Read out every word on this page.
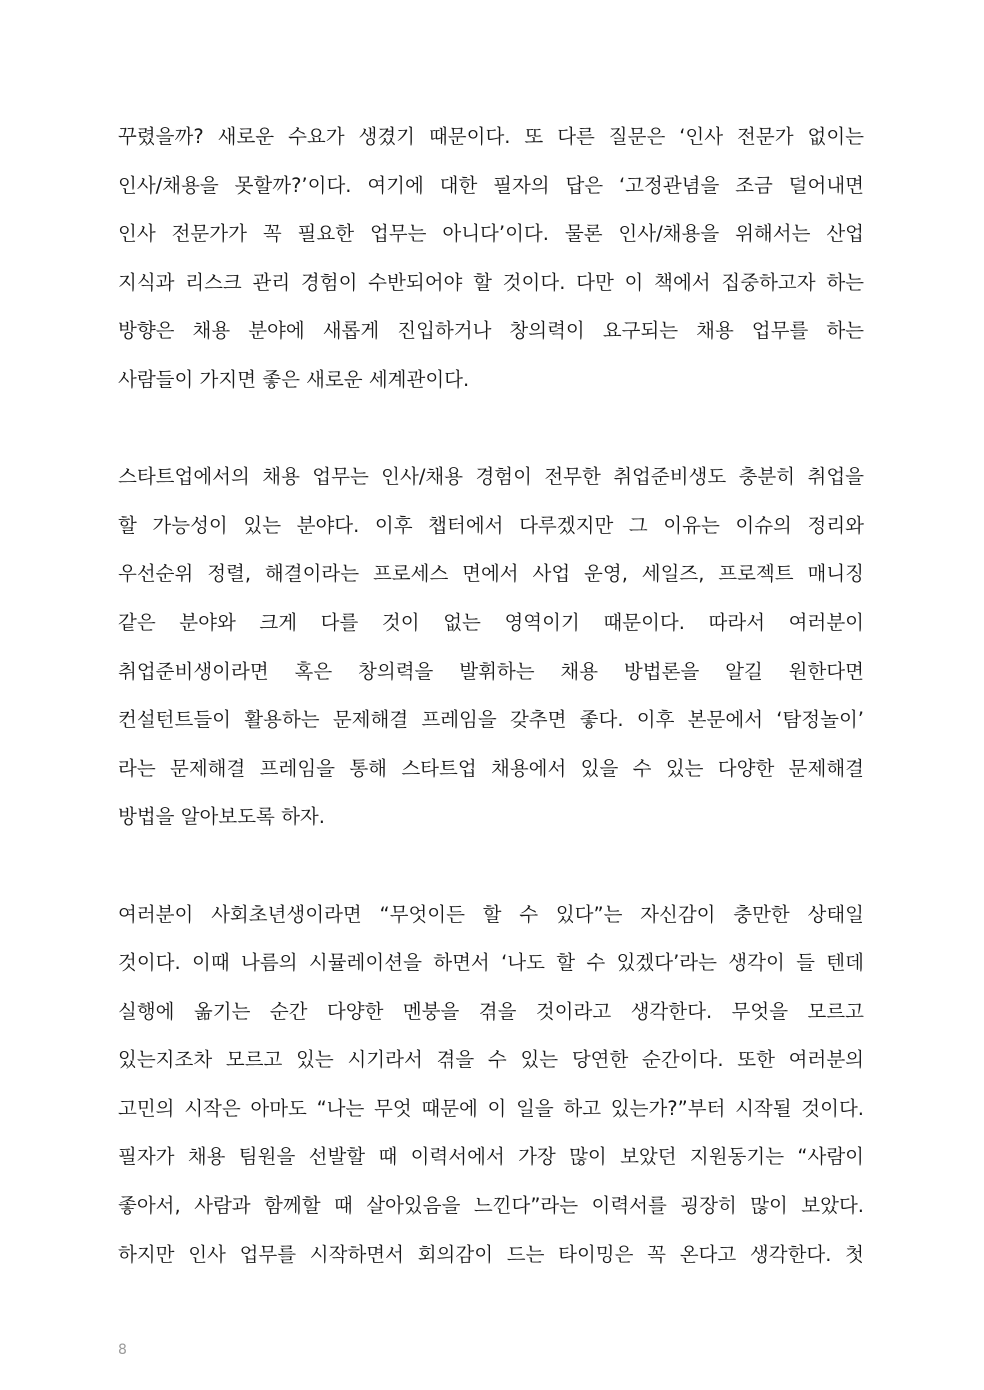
꾸렸을까? 새로운 수요가 생겼기 때문이다. 또 다른 질문은 ‘인사 전문가 없이는
인사/채용을 못할까?’이다. 여기에 대한 필자의 답은 ‘고정관념을 조금 덜어내면
인사 전문가가 꼭 필요한 업무는 아니다’이다. 물론 인사/채용을 위해서는 산업
지식과 리스크 관리 경험이 수반되어야 할 것이다. 다만 이 책에서 집중하고자 하는
방향은 채용 분야에 새롭게 진입하거나 창의력이 요구되는 채용 업무를 하는
사람들이 가지면 좋은 새로운 세계관이다.
스타트업에서의 채용 업무는 인사/채용 경험이 전무한 취업준비생도 충분히 취업을
할 가능성이 있는 분야다. 이후 챕터에서 다루겠지만 그 이유는 이슈의 정리와
우선순위 정렬, 해결이라는 프로세스 면에서 사업 운영, 세일즈, 프로젝트 매니징
같은 분야와 크게 다를 것이 없는 영역이기 때문이다. 따라서 여러분이
취업준비생이라면 혹은 창의력을 발휘하는 채용 방법론을 알길 원한다면
컨설턴트들이 활용하는 문제해결 프레임을 갖추면 좋다. 이후 본문에서 ‘탐정놀이’
라는 문제해결 프레임을 통해 스타트업 채용에서 있을 수 있는 다양한 문제해결
방법을 알아보도록 하자.
여러분이 사회초년생이라면 “무엇이든 할 수 있다”는 자신감이 충만한 상태일
것이다. 이때 나름의 시뮬레이션을 하면서 ‘나도 할 수 있겠다’라는 생각이 들 텐데
실행에 옮기는 순간 다양한 멘붕을 겪을 것이라고 생각한다. 무엇을 모르고
있는지조차 모르고 있는 시기라서 겪을 수 있는 당연한 순간이다. 또한 여러분의
고민의 시작은 아마도 “나는 무엇 때문에 이 일을 하고 있는가?”부터 시작될 것이다.
필자가 채용 팀원을 선발할 때 이력서에서 가장 많이 보았던 지원동기는 “사람이
좋아서, 사람과 함께할 때 살아있음을 느낀다”라는 이력서를 굉장히 많이 보았다.
하지만 인사 업무를 시작하면서 회의감이 드는 타이밍은 꼭 온다고 생각한다. 첫
8
